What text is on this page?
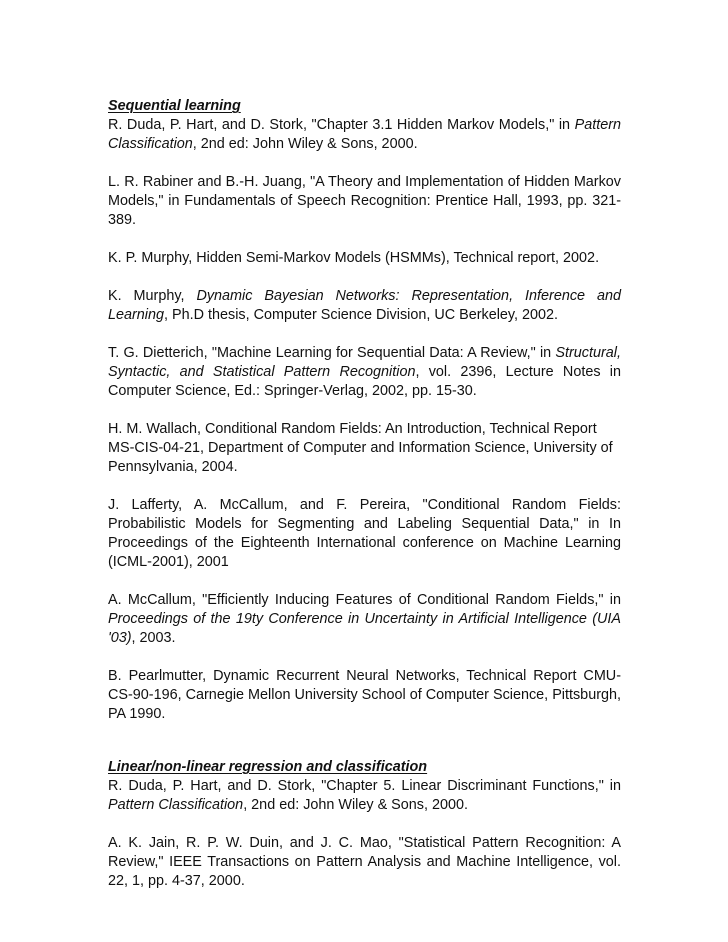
Sequential learning

R. Duda, P. Hart, and D. Stork, "Chapter 3.1 Hidden Markov Models," in Pattern Classification, 2nd ed: John Wiley & Sons, 2000.

L. R. Rabiner and B.-H. Juang, "A Theory and Implementation of Hidden Markov Models," in Fundamentals of Speech Recognition: Prentice Hall, 1993, pp. 321-389.

K. P. Murphy, Hidden Semi-Markov Models (HSMMs), Technical report, 2002.

K. Murphy, Dynamic Bayesian Networks: Representation, Inference and Learning, Ph.D thesis, Computer Science Division, UC Berkeley, 2002.

T. G. Dietterich, "Machine Learning for Sequential Data: A Review," in Structural, Syntactic, and Statistical Pattern Recognition, vol. 2396, Lecture Notes in Computer Science, Ed.: Springer-Verlag, 2002, pp. 15-30.

H. M. Wallach, Conditional Random Fields: An Introduction, Technical Report MS-CIS-04-21, Department of Computer and Information Science, University of Pennsylvania, 2004.

J. Lafferty, A. McCallum, and F. Pereira, "Conditional Random Fields: Probabilistic Models for Segmenting and Labeling Sequential Data," in In Proceedings of the Eighteenth International conference on Machine Learning (ICML-2001), 2001

A. McCallum, "Efficiently Inducing Features of Conditional Random Fields," in Proceedings of the 19ty Conference in Uncertainty in Artificial Intelligence (UIA '03), 2003.

B. Pearlmutter, Dynamic Recurrent Neural Networks, Technical Report CMU-CS-90-196, Carnegie Mellon University School of Computer Science, Pittsburgh, PA 1990.

Linear/non-linear regression and classification

R. Duda, P. Hart, and D. Stork, "Chapter 5. Linear Discriminant Functions," in Pattern Classification, 2nd ed: John Wiley & Sons, 2000.

A. K. Jain, R. P. W. Duin, and J. C. Mao, "Statistical Pattern Recognition: A Review," IEEE Transactions on Pattern Analysis and Machine Intelligence, vol. 22, 1, pp. 4-37, 2000.
